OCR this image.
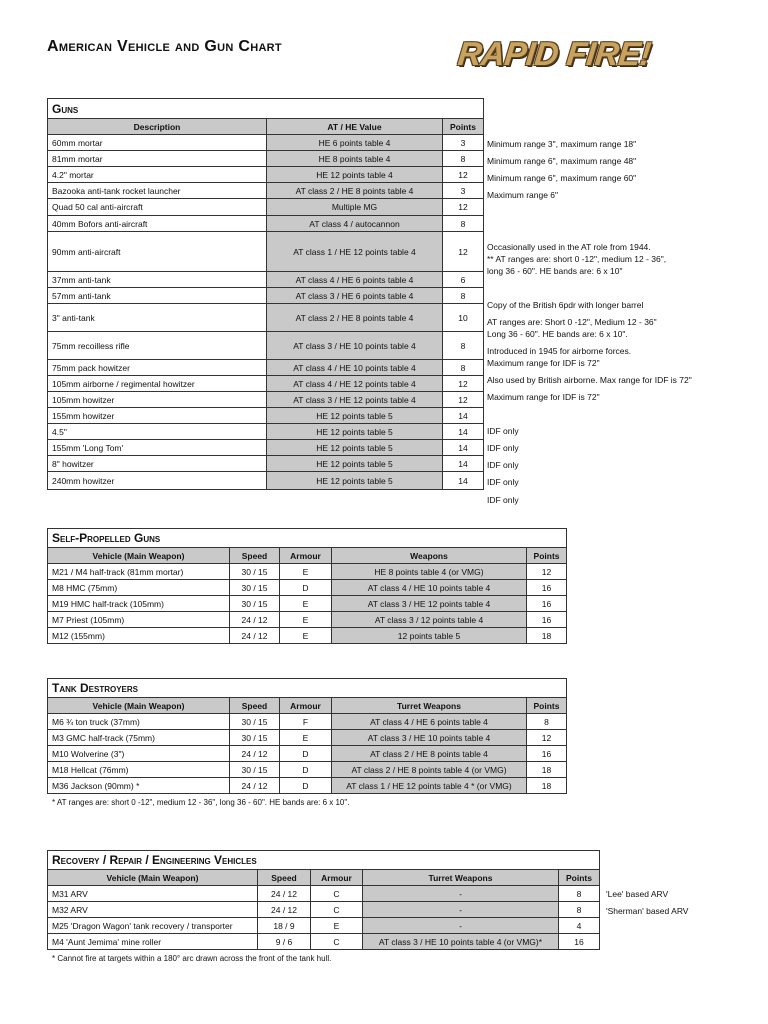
American Vehicle and Gun Chart	RAPID FIRE!
Guns		
Description	AT / HE Value	Points
60mm mortar	HE 6 points table 4	3
81mm mortar	HE 8 points table 4	8
4.2" mortar	HE 12 points table 4	12
Bazooka anti-tank rocket launcher	AT class 2 / HE 8 points table 4	3
Quad 50 cal anti-aircraft	Multiple MG	12
40mm Bofors anti-aircraft	AT class 4 / autocannon	8
90mm anti-aircraft	AT class 1 / HE 12 points table 4	12
37mm anti-tank	AT class 4 / HE 6 points table 4	6
57mm anti-tank	AT class 3 / HE 6 points table 4	8
3" anti-tank	AT class 2 / HE 8 points table 4	10
75mm recoilless rifle	AT class 3 / HE 10 points table 4	8
75mm pack howitzer	AT class 4 / HE 10 points table 4	8
105mm airborne / regimental howitzer	AT class 4 / HE 12 points table 4	12
105mm howitzer	AT class 3 / HE 12 points table 4	12
155mm howitzer	HE 12 points table 5	14
4.5"	HE 12 points table 5	14
155mm 'Long Tom'	HE 12 points table 5	14
8" howitzer	HE 12 points table 5	14
240mm howitzer	HE 12 points table 5	14
Self-Propelled Guns				
Vehicle (Main Weapon)	Speed	Armour	Weapons	Points
M21 / M4 half-track (81mm mortar)	30 / 15	E	HE 8 points table 4 (or VMG)	12
M8 HMC (75mm)	30 / 15	D	AT class 4 / HE 10 points table 4	16
M19 HMC half-track (105mm)	30 / 15	E	AT class 3 / HE 12 points table 4	16
M7 Priest (105mm)	24 / 12	E	AT class 3 / 12 points table 4	16
M12 (155mm)	24 / 12	E	12 points table 5	18
Tank Destroyers				
Vehicle (Main Weapon)	Speed	Armour	Turret Weapons	Points
M6 ¾ ton truck (37mm)	30 / 15	F	AT class 4 / HE 6 points table 4	8
M3 GMC half-track (75mm)	30 / 15	E	AT class 3 / HE 10 points table 4	12
M10 Wolverine (3")	24 / 12	D	AT class 2 / HE 8 points table 4	16
M18 Hellcat (76mm)	30 / 15	D	AT class 2 / HE 8 points table 4 (or VMG)	18
M36 Jackson (90mm) *	24 / 12	D	AT class 1 / HE 12 points table 4 * (or VMG)	18
* AT ranges are: short 0 -12", medium 12 - 36", long 36 - 60". HE bands are: 6 x 10".
Recovery / Repair / Engineering Vehicles				
Vehicle (Main Weapon)	Speed	Armour	Turret Weapons	Points
M31 ARV	24 / 12	C	-	8
M32 ARV	24 / 12	C	-	8
M25 'Dragon Wagon' tank recovery / transporter	18 / 9	E	-	4
M4 'Aunt Jemima' mine roller	9 / 6	C	AT class 3 / HE 10 points table 4 (or VMG)*	16
* Cannot fire at targets within a 180° arc drawn across the front of the tank hull.
Minimum range 3", maximum range 18"
Minimum range 6", maximum range 48"
Minimum range 6", maximum range 60"
Maximum range 6"
Occasionally used in the AT role from 1944.
** AT ranges are: short 0 -12", medium 12 - 36",
long 36 - 60". HE bands are: 6 x 10"
Copy of the British 6pdr with longer barrel
AT ranges are: Short 0 -12", Medium 12 - 36"
Long 36 - 60". HE bands are: 6 x 10".
Introduced in 1945 for airborne forces.
Maximum range for IDF is 72"
Also used by British airborne. Max range for IDF is 72"
Maximum range for IDF is 72"
IDF only
IDF only
IDF only
IDF only
IDF only
'Lee' based ARV
'Sherman' based ARV
